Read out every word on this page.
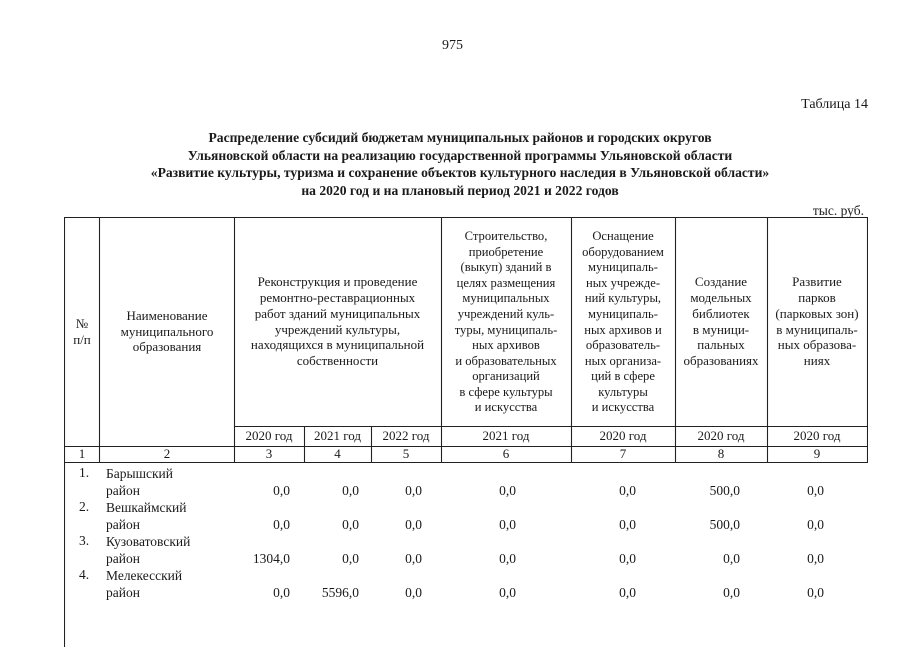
975
Таблица 14
Распределение субсидий бюджетам муниципальных районов и городских округов
Ульяновской области на реализацию государственной программы Ульяновской области
«Развитие культуры, туризма и сохранение объектов культурного наследия в Ульяновской области»
на 2020 год и на плановый период 2021 и 2022 годов
тыс. руб.
№
п/п
Наименование
муниципального
образования
Реконструкция и проведение
ремонтно-реставрационных
работ зданий муниципальных
учреждений культуры,
находящихся в муниципальной
собственности
Строительство,
приобретение
(выкуп) зданий в
целях размещения
муниципальных
учреждений куль-
туры, муниципаль-
ных архивов
и образовательных
организаций
в сфере культуры
и искусства
Оснащение
оборудованием
муниципаль-
ных учрежде-
ний культуры,
муниципаль-
ных архивов и
образователь-
ных организа-
ций в сфере
культуры
и искусства
Создание
модельных
библиотек
в муници-
пальных
образованиях
Развитие
парков
(парковых зон)
в муниципаль-
ных образова-
ниях
2020 год 2021 год 2022 год	2021 год	2020 год	2020 год	2020 год
1	2	3	4	5	6	7	8	9
1.	Барышский
район	0,0	0,0	0,0	0,0	0,0	500,0	0,0
2.	Вешкаймский
район	0,0	0,0	0,0	0,0	0,0	500,0	0,0
3.	Кузоватовский
район	1304,0	0,0	0,0	0,0	0,0	0,0	0,0
4.	Мелекесский
район	0,0 5596,0	0,0	0,0	0,0	0,0	0,0
